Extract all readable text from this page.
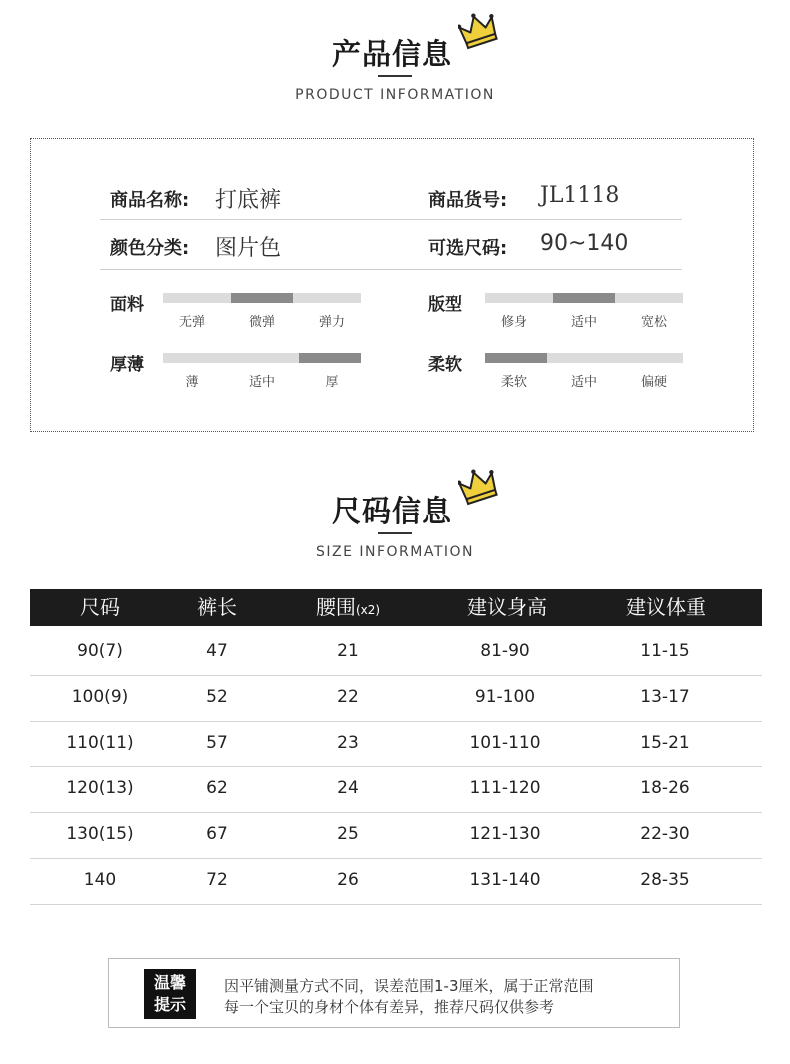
产品信息
PRODUCT INFORMATION
商品名称: 打底裤	商品货号: JL1118
颜色分类: 图片色	可选尺码: 90~140
面料
无弹	微弹	弹力
版型
修身	适中	宽松
厚薄
薄	适中	厚
柔软
柔软	适中	偏硬
尺码信息
SIZE INFORMATION
尺码	裤长	腰围(x2)	建议身高	建议体重
90(7)	47	21	81-90	11-15
100(9)	52	22	91-100	13-17
110(11)	57	23	101-110	15-21
120(13)	62	24	111-120	18-26
130(15)	67	25	121-130	22-30
140	72	26	131-140	28-35
温馨
提示
因平铺测量方式不同，误差范围1-3厘米，属于正常范围
每一个宝贝的身材个体有差异，推荐尺码仅供参考
